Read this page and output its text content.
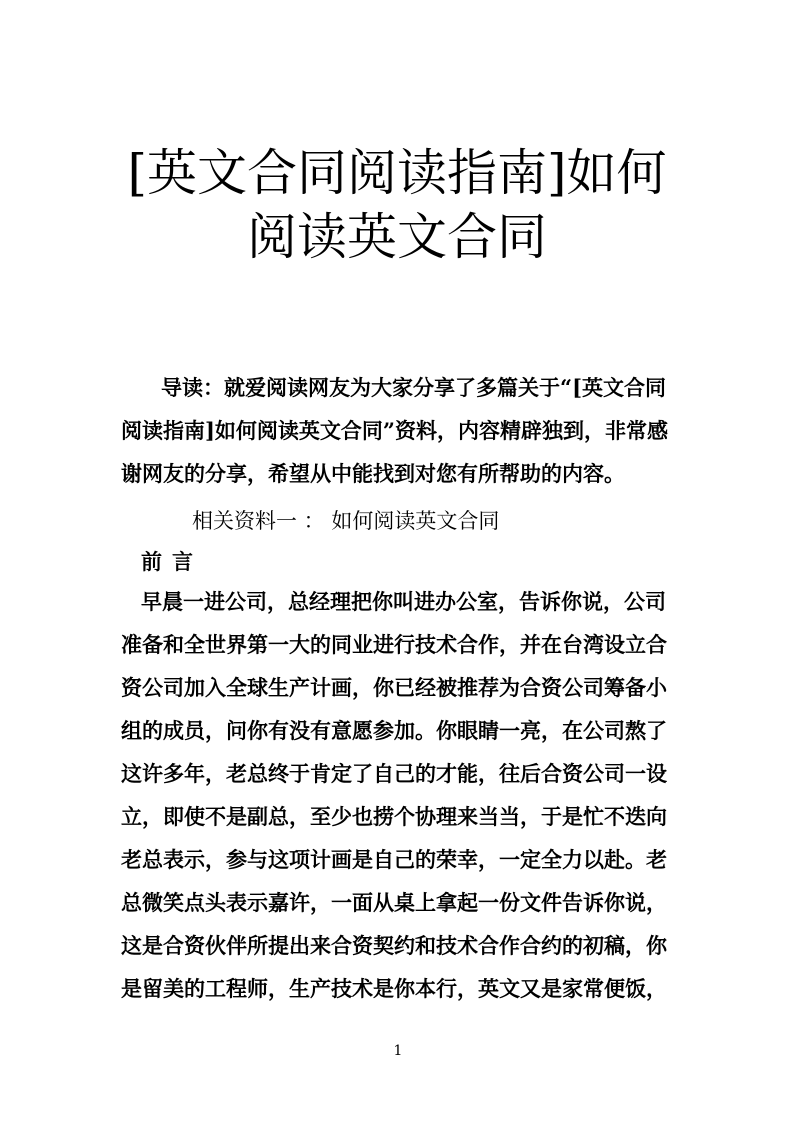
[英文合同阅读指南]如何
阅读英文合同
导读：就爱阅读网友为大家分享了多篇关于“[英文合同
阅读指南]如何阅读英文合同”资料，内容精辟独到，非常感
谢网友的分享，希望从中能找到对您有所帮助的内容。

相关资料一 ： 如何阅读英文合同

前言

早晨一进公司，总经理把你叫进办公室，告诉你说，公司
准备和全世界第一大的同业进行技术合作，并在台湾设立合
资公司加入全球生产计画，你已经被推荐为合资公司筹备小
组的成员，问你有没有意愿参加。你眼睛一亮，在公司熬了
这许多年，老总终于肯定了自己的才能，往后合资公司一设
立，即使不是副总，至少也捞个协理来当当，于是忙不迭向
老总表示，参与这项计画是自己的荣幸，一定全力以赴。老
总微笑点头表示嘉许，一面从桌上拿起一份文件告诉你说，
这是合资伙伴所提出来合资契约和技术合作合约的初稿，你
是留美的工程师，生产技术是你本行，英文又是家常便饭，
1
